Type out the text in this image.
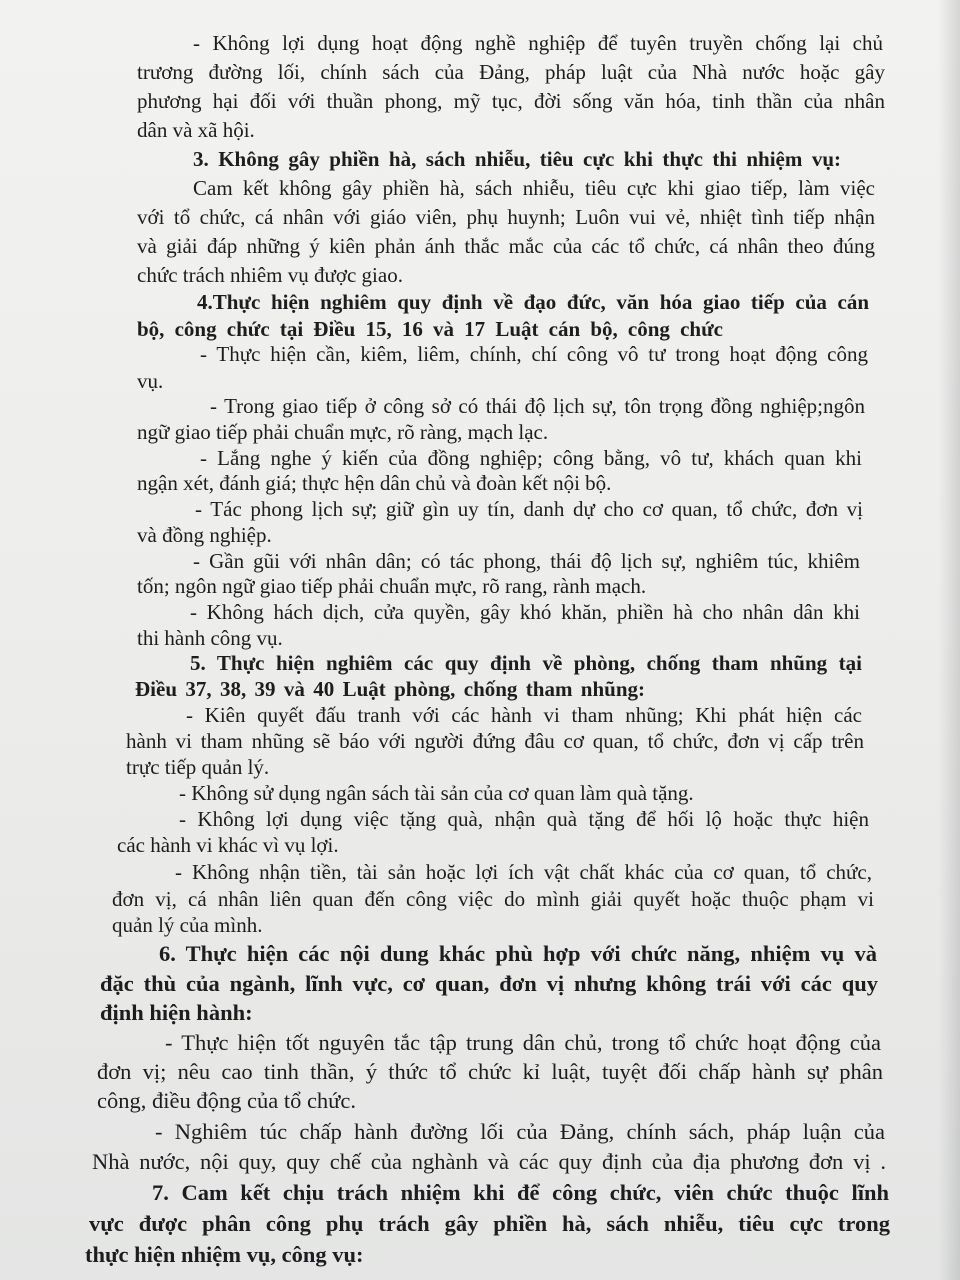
- Không lợi dụng hoạt động nghề nghiệp để tuyên truyền chống lại chủ

trương đường lối, chính sách của Đảng, pháp luật của Nhà nước hoặc gây

phương hại đối với thuần phong, mỹ tục, đời sống văn hóa, tinh thần của nhân

dân và xã hội.

3. Không gây phiền hà, sách nhiễu, tiêu cực khi thực thi nhiệm vụ:

Cam kết không gây phiền hà, sách nhiễu, tiêu cực khi giao tiếp, làm việc

với tổ chức, cá nhân với giáo viên, phụ huynh; Luôn vui vẻ, nhiệt tình tiếp nhận

và giải đáp những ý kiên phản ánh thắc mắc của các tổ chức, cá nhân theo đúng

chức trách nhiêm vụ được giao.

4.Thực hiện nghiêm quy định về đạo đức, văn hóa giao tiếp của cán

bộ, công chức tại Điều 15, 16 và 17 Luật cán bộ, công chức

- Thực hiện cần, kiêm, liêm, chính, chí công vô tư trong hoạt động công

vụ.

- Trong giao tiếp ở công sở có thái độ lịch sự, tôn trọng đồng nghiệp;ngôn

ngữ giao tiếp phải chuẩn mực, rõ ràng, mạch lạc.

- Lắng nghe ý kiến của đồng nghiệp; công bằng, vô tư, khách quan khi

ngận xét, đánh giá; thực hện dân chủ và đoàn kết nội bộ.

- Tác phong lịch sự; giữ gìn uy tín, danh dự cho cơ quan, tổ chức, đơn vị

và đồng nghiệp.

- Gần gũi với nhân dân; có tác phong, thái độ lịch sự, nghiêm túc, khiêm

tốn; ngôn ngữ giao tiếp phải chuẩn mực, rõ rang, rành mạch.

- Không hách dịch, cửa quyền, gây khó khăn, phiền hà cho nhân dân khi

thi hành công vụ.

5. Thực hiện nghiêm các quy định về phòng, chống tham nhũng tại

Điều 37, 38, 39 và 40 Luật phòng, chống tham nhũng:

- Kiên quyết đấu tranh với các hành vi tham nhũng; Khi phát hiện các

hành vi tham nhũng sẽ báo với người đứng đâu cơ quan, tổ chức, đơn vị cấp trên

trực tiếp quản lý.

- Không sử dụng ngân sách tài sản của cơ quan làm quà tặng.

- Không lợi dụng việc tặng quà, nhận quà tặng để hối lộ hoặc thực hiện

các hành vi khác vì vụ lợi.

- Không nhận tiền, tài sản hoặc lợi ích vật chất khác của cơ quan, tổ chức,

đơn vị, cá nhân liên quan đến công việc do mình giải quyết hoặc thuộc phạm vi

quản lý của mình.

6. Thực hiện các nội dung khác phù hợp với chức năng, nhiệm vụ và

đặc thù của ngành, lĩnh vực, cơ quan, đơn vị nhưng không trái với các quy

định hiện hành:

- Thực hiện tốt nguyên tắc tập trung dân chủ, trong tổ chức hoạt động của

đơn vị; nêu cao tinh thần, ý thức tổ chức kỉ luật, tuyệt đối chấp hành sự phân

công, điều động của tổ chức.

- Nghiêm túc chấp hành đường lối của Đảng, chính sách, pháp luận của

Nhà nước, nội quy, quy chế của nghành và các quy định của địa phương đơn vị .

7. Cam kết chịu trách nhiệm khi để công chức, viên chức thuộc lĩnh

vực được phân công phụ trách gây phiền hà, sách nhiễu, tiêu cực trong

thực hiện nhiệm vụ, công vụ:
